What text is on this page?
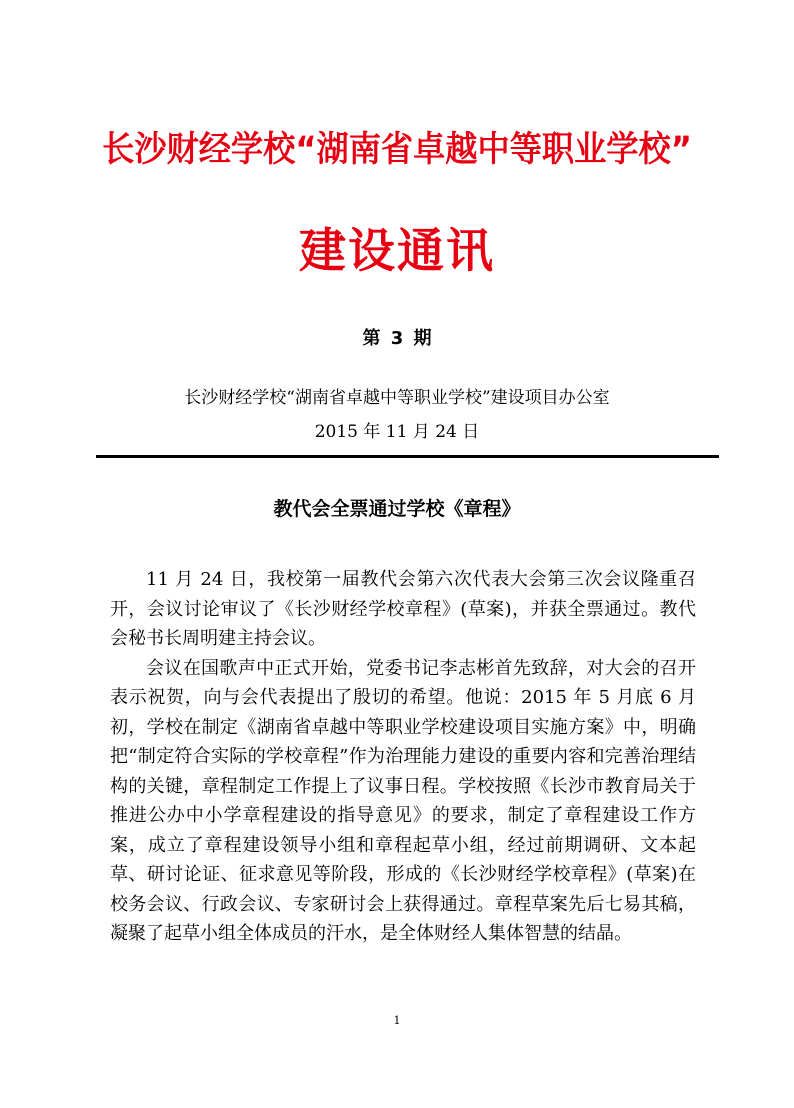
长沙财经学校“湖南省卓越中等职业学校”
建设通讯
第 3 期
长沙财经学校“湖南省卓越中等职业学校”建设项目办公室
2015 年 11 月 24 日
教代会全票通过学校《章程》

11 月 24 日，我校第一届教代会第六次代表大会第三次会议隆重召开，会议讨论审议了《长沙财经学校章程》(草案)，并获全票通过。教代会秘书长周明建主持会议。

会议在国歌声中正式开始，党委书记李志彬首先致辞，对大会的召开表示祝贺，向与会代表提出了殷切的希望。他说：2015 年 5 月底 6 月初，学校在制定《湖南省卓越中等职业学校建设项目实施方案》中，明确把“制定符合实际的学校章程”作为治理能力建设的重要内容和完善治理结构的关键，章程制定工作提上了议事日程。学校按照《长沙市教育局关于推进公办中小学章程建设的指导意见》的要求，制定了章程建设工作方案，成立了章程建设领导小组和章程起草小组，经过前期调研、文本起草、研讨论证、征求意见等阶段，形成的《长沙财经学校章程》(草案)在校务会议、行政会议、专家研讨会上获得通过。章程草案先后七易其稿，凝聚了起草小组全体成员的汗水，是全体财经人集体智慧的结晶。

1
